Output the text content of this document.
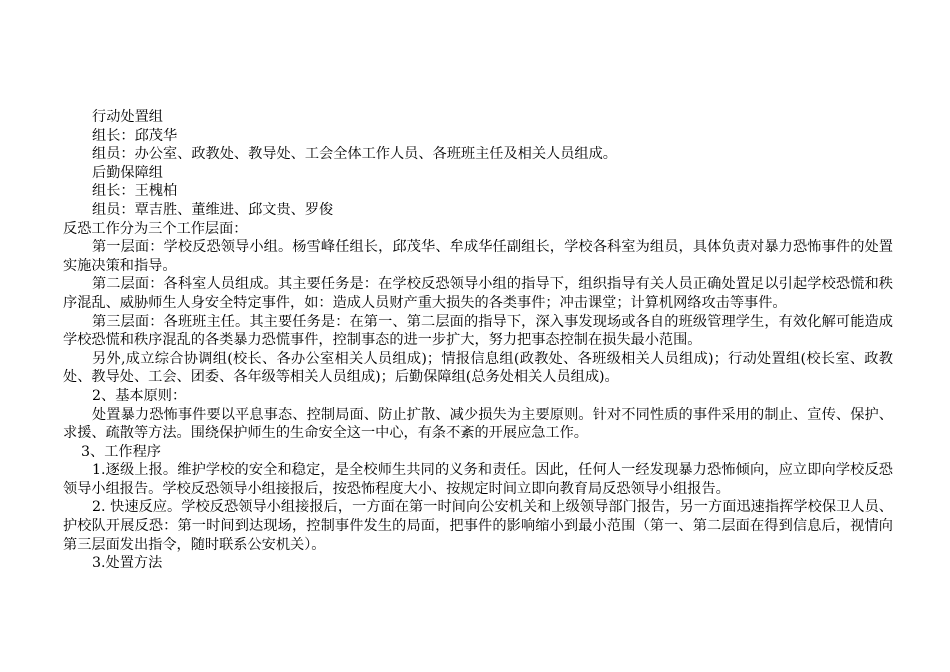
行动处置组

组长：邱茂华

组员：办公室、政教处、教导处、工会全体工作人员、各班班主任及相关人员组成。

后勤保障组

组长：王槐柏

组员：覃吉胜、董维进、邱文贵、罗俊

反恐工作分为三个工作层面：

第一层面：学校反恐领导小组。杨雪峰任组长，邱茂华、牟成华任副组长，学校各科室为组员，具体负责对暴力恐怖事件的处置实施决策和指导。

第二层面：各科室人员组成。其主要任务是：在学校反恐领导小组的指导下，组织指导有关人员正确处置足以引起学校恐慌和秩序混乱、威胁师生人身安全特定事件，如：造成人员财产重大损失的各类事件；冲击课堂；计算机网络攻击等事件。

第三层面：各班班主任。其主要任务是：在第一、第二层面的指导下，深入事发现场或各自的班级管理学生，有效化解可能造成学校恐慌和秩序混乱的各类暴力恐慌事件，控制事态的进一步扩大，努力把事态控制在损失最小范围。

另外,成立综合协调组(校长、各办公室相关人员组成)；情报信息组(政教处、各班级相关人员组成)；行动处置组(校长室、政教处、教导处、工会、团委、各年级等相关人员组成)；后勤保障组(总务处相关人员组成)。

2、基本原则：

处置暴力恐怖事件要以平息事态、控制局面、防止扩散、减少损失为主要原则。针对不同性质的事件采用的制止、宣传、保护、求援、疏散等方法。围绕保护师生的生命安全这一中心，有条不紊的开展应急工作。

3、工作程序

1.逐级上报。维护学校的安全和稳定，是全校师生共同的义务和责任。因此，任何人一经发现暴力恐怖倾向，应立即向学校反恐领导小组报告。学校反恐领导小组接报后，按恐怖程度大小、按规定时间立即向教育局反恐领导小组报告。

2. 快速反应。学校反恐领导小组接报后，一方面在第一时间向公安机关和上级领导部门报告，另一方面迅速指挥学校保卫人员、护校队开展反恐：第一时间到达现场，控制事件发生的局面，把事件的影响缩小到最小范围（第一、第二层面在得到信息后，视情向第三层面发出指令，随时联系公安机关）。

3.处置方法
